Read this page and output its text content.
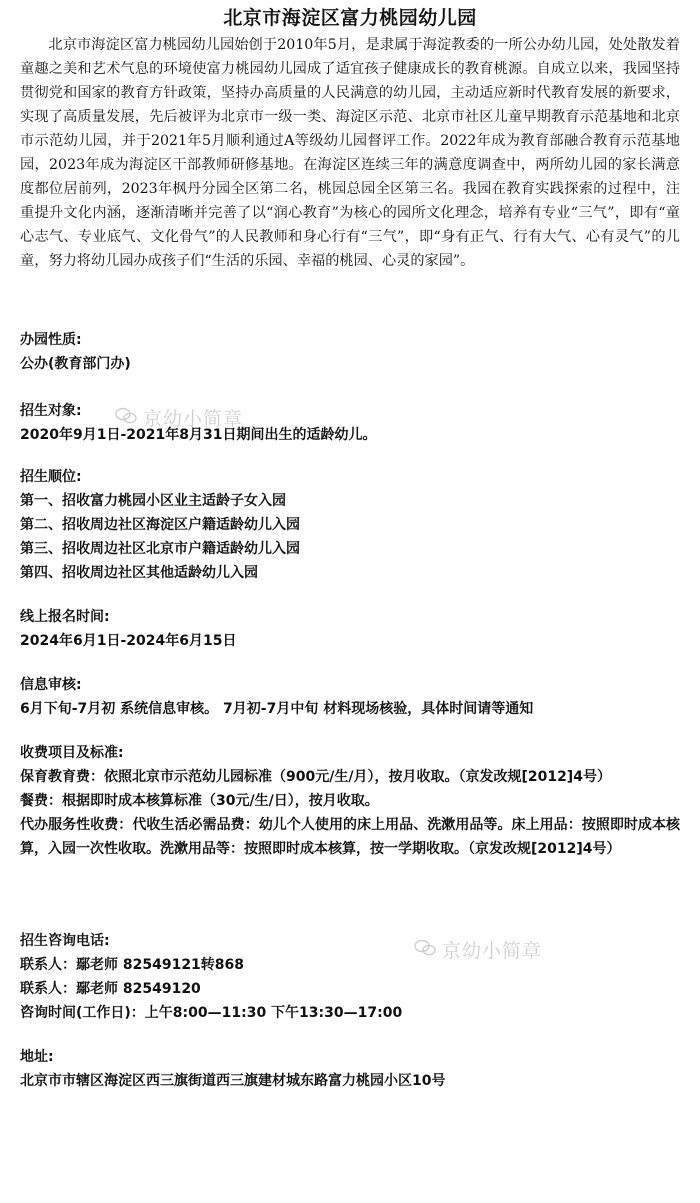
北京市海淀区富力桃园幼儿园
北京市海淀区富力桃园幼儿园始创于2010年5月，是隶属于海淀教委的一所公办幼儿园，处处散发着童趣之美和艺术气息的环境使富力桃园幼儿园成了适宜孩子健康成长的教育桃源。自成立以来，我园坚持贯彻党和国家的教育方针政策，坚持办高质量的人民满意的幼儿园，主动适应新时代教育发展的新要求，实现了高质量发展，先后被评为北京市一级一类、海淀区示范、北京市社区儿童早期教育示范基地和北京市示范幼儿园，并于2021年5月顺利通过A等级幼儿园督评工作。2022年成为教育部融合教育示范基地园，2023年成为海淀区干部教师研修基地。在海淀区连续三年的满意度调查中，两所幼儿园的家长满意度都位居前列，2023年枫丹分园全区第二名，桃园总园全区第三名。我园在教育实践探索的过程中，注重提升文化内涵，逐渐清晰并完善了以“润心教育”为核心的园所文化理念，培养有专业“三气”，即有“童心志气、专业底气、文化骨气”的人民教师和身心行有“三气”，即“身有正气、行有大气、心有灵气”的儿童，努力将幼儿园办成孩子们“生活的乐园、幸福的桃园、心灵的家园”。

办园性质:

公办(教育部门办)

招生对象:

2020年9月1日-2021年8月31日期间出生的适龄幼儿。

招生顺位:

第一、招收富力桃园小区业主适龄子女入园

第二、招收周边社区海淀区户籍适龄幼儿入园

第三、招收周边社区北京市户籍适龄幼儿入园

第四、招收周边社区其他适龄幼儿入园

线上报名时间:

2024年6月1日-2024年6月15日

信息审核:

6月下旬-7月初 系统信息审核。 7月初-7月中旬 材料现场核验，具体时间请等通知

收费项目及标准:

保育教育费：依照北京市示范幼儿园标准（900元/生/月），按月收取。（京发改规[2012]4号）

餐费：根据即时成本核算标准（30元/生/日），按月收取。

代办服务性收费：代收生活必需品费：幼儿个人使用的床上用品、洗漱用品等。床上用品：按照即时成本核算，入园一次性收取。洗漱用品等：按照即时成本核算，按一学期收取。（京发改规[2012]4号）

招生咨询电话:

联系人：鄢老师 82549121转868

联系人：鄢老师 82549120

咨询时间(工作日)：上午8:00—11:30 下午13:30—17:00

地址:

北京市市辖区海淀区西三旗街道西三旗建材城东路富力桃园小区10号

京幼小简章
京幼小简章
